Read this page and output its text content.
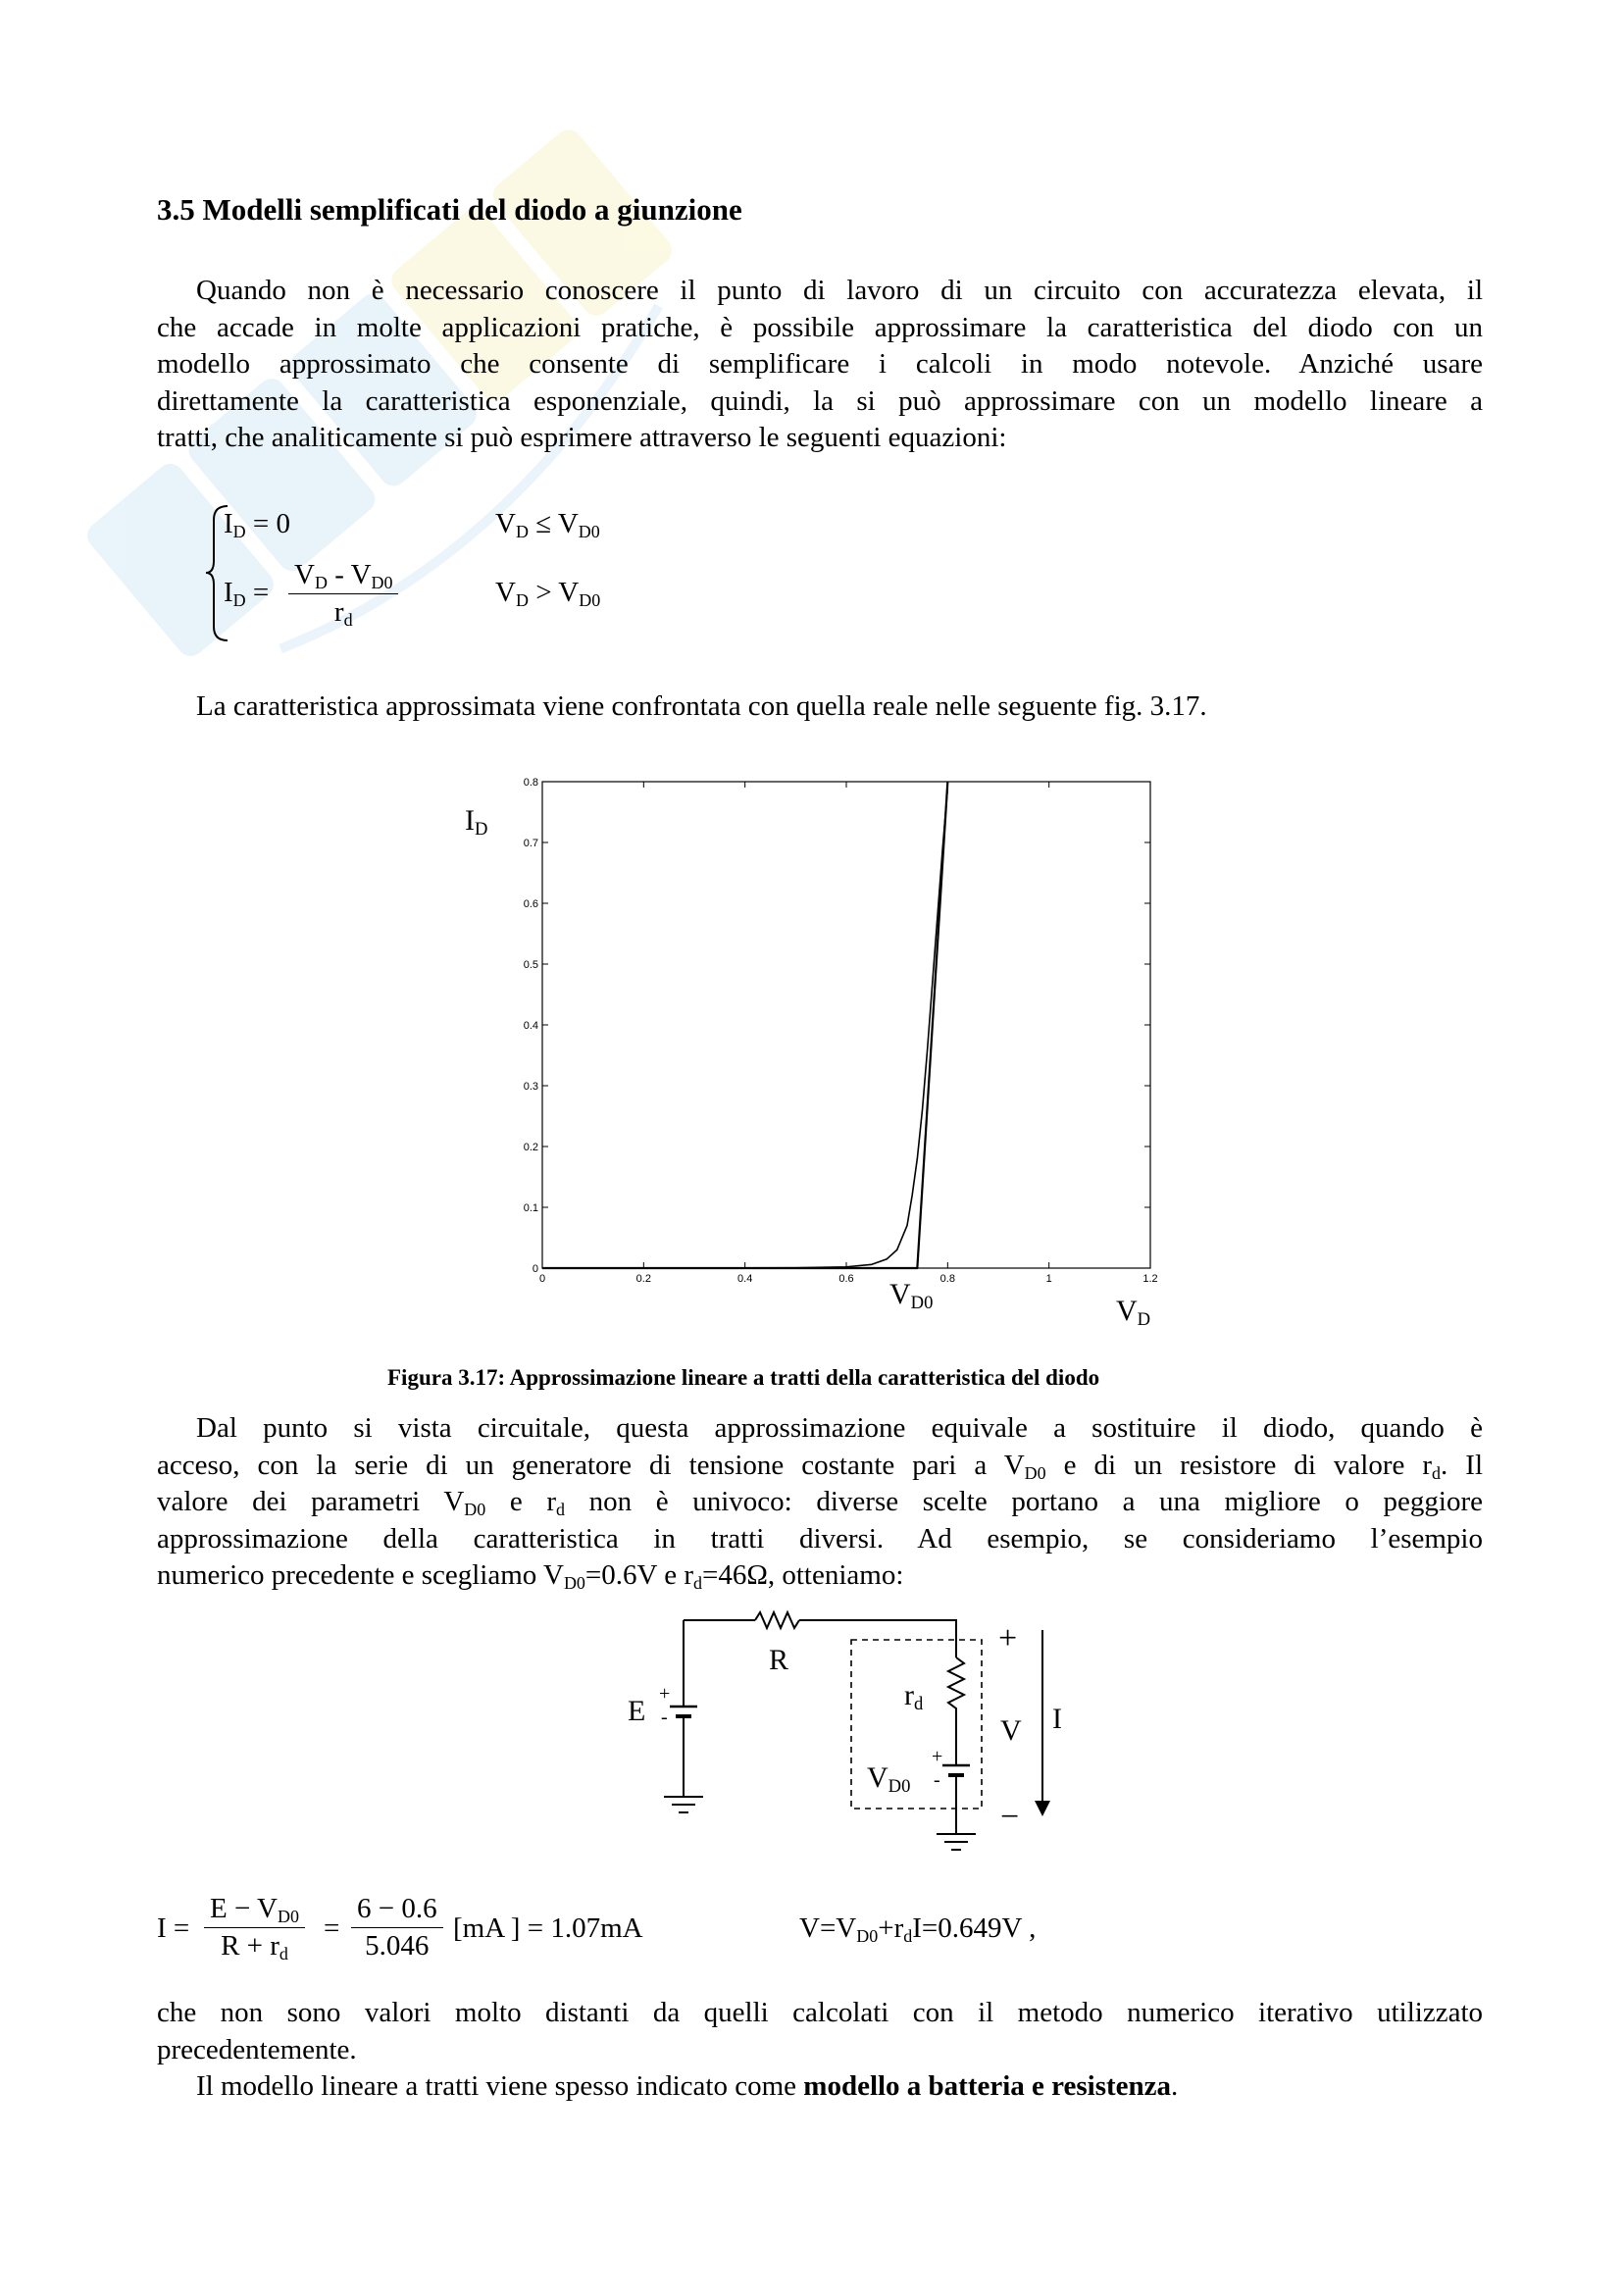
3.5 Modelli semplificati del diodo a giunzione
Quando non è necessario conoscere il punto di lavoro di un circuito con accuratezza elevata, il
che accade in molte applicazioni pratiche, è possibile approssimare la caratteristica del diodo con un
modello approssimato che consente di semplificare i calcoli in modo notevole. Anziché usare
direttamente la caratteristica esponenziale, quindi, la si può approssimare con un modello lineare a
tratti, che analiticamente si può esprimere attraverso le seguenti equazioni:
$I_D = 0$	$V_D \le V_{D0}$
$I_D = \frac{V_D - V_{D0}}{r_d}$	$V_D > V_{D0}$
La caratteristica approssimata viene confrontata con quella reale nelle seguente fig. 3.17.
0	0.2	0.4	0.6	0.8	1	1.2
0
0.1
0.2
0.3
0.4
0.5
0.6
0.7
0.8
$I_D$
$V_D$
$V_{D0}$
Figura 3.17: Approssimazione lineare a tratti della caratteristica del diodo
Dal punto si vista circuitale, questa approssimazione equivale a sostituire il diodo, quando è
acceso, con la serie di un generatore di tensione costante pari a $V_{D0}$ e di un resistore di valore $r_d$. Il
valore dei parametri $V_{D0}$ e $r_d$ non è univoco: diverse scelte portano a una migliore o peggiore
approssimazione della caratteristica in tratti diversi. Ad esempio, se consideriamo l’esempio
numerico precedente e scegliamo $V_{D0}=0.6V$ e $r_d=46\Omega$, otteniamo:
E
+
-
R
$r_d$
$V_{D0}$
+
-
+
−
V I
$I = \frac{E - V_{D0}}{R + r_d} = \frac{6 - 0.6}{5.046} [mA$ ] = 1.07mA	$V=V_{D0}+r_dI=0.649V$ ,
che non sono valori molto distanti da quelli calcolati con il metodo numerico iterativo utilizzato
precedentemente.
Il modello lineare a tratti viene spesso indicato come modello a batteria e resistenza.
